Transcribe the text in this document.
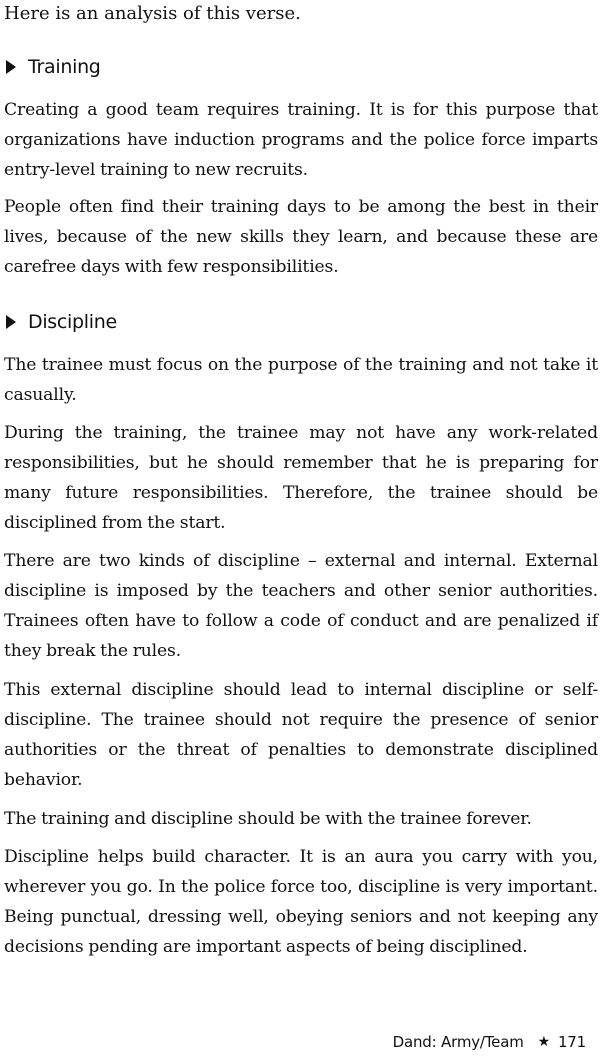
Here is an analysis of this verse.

Training

Creating a good team requires training. It is for this purpose that organizations have induction programs and the police force imparts entry-level training to new recruits.

People often find their training days to be among the best in their lives, because of the new skills they learn, and because these are carefree days with few responsibilities.

Discipline

The trainee must focus on the purpose of the training and not take it casually.

During the training, the trainee may not have any work-related responsibilities, but he should remember that he is preparing for many future responsibilities. Therefore, the trainee should be disciplined from the start.

There are two kinds of discipline – external and internal. External discipline is imposed by the teachers and other senior authorities. Trainees often have to follow a code of conduct and are penalized if they break the rules.

This external discipline should lead to internal discipline or self-discipline. The trainee should not require the presence of senior authorities or the threat of penalties to demonstrate disciplined behavior.

The training and discipline should be with the trainee forever.

Discipline helps build character. It is an aura you carry with you, wherever you go. In the police force too, discipline is very important. Being punctual, dressing well, obeying seniors and not keeping any decisions pending are important aspects of being disciplined.

Dand: Army/Team ★ 171
